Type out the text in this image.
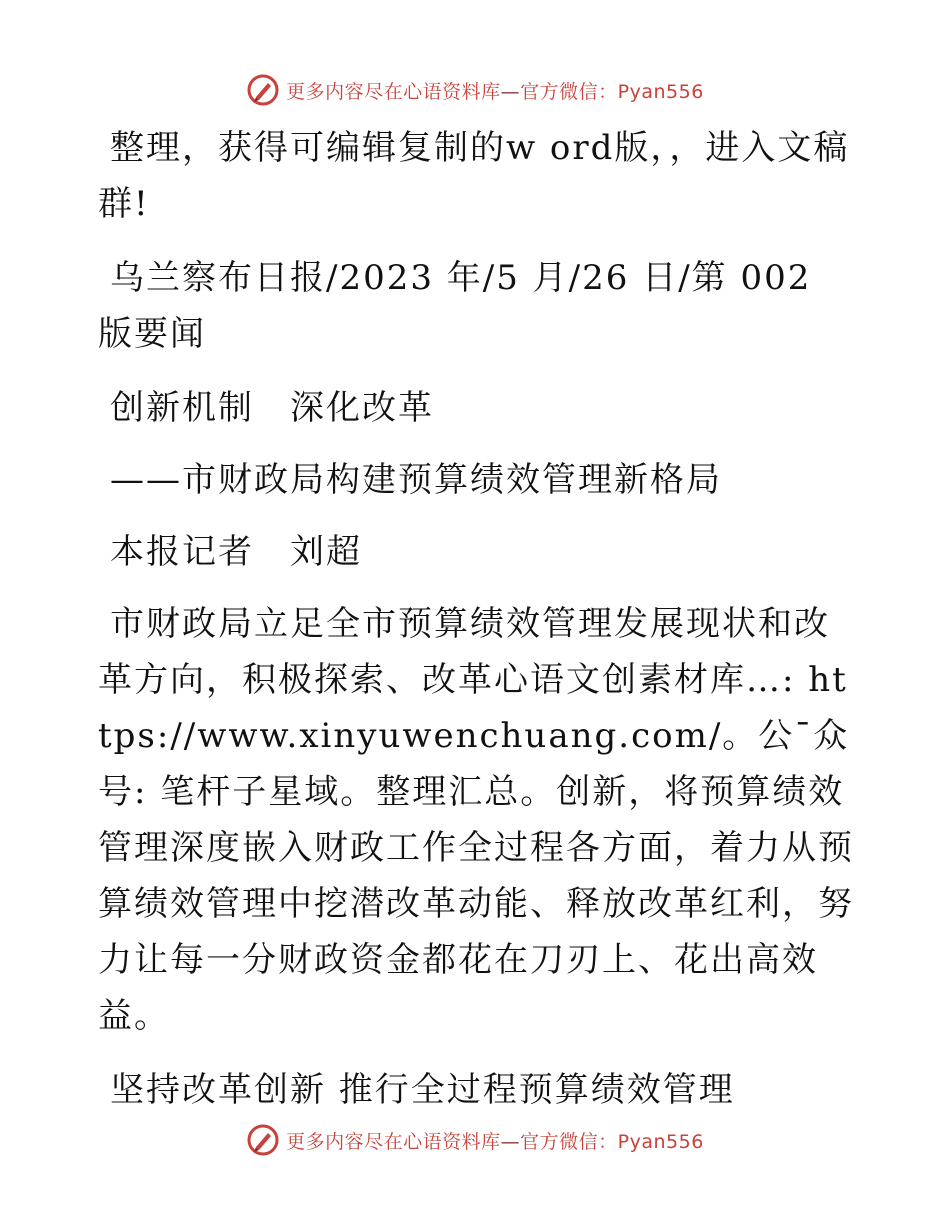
更多内容尽在心语资料库—官方微信：Pyan556

整理，获得可编辑复制的w ord版，，进入文稿群!

乌兰察布日报/2023 年/5 月/26 日/第 002 版要闻

创新机制　深化改革

——市财政局构建预算绩效管理新格局

本报记者　刘超

市财政局立足全市预算绩效管理发展现状和改革方向，积极探索、改革心语文创素材库…: https://www.xinyuwenchuang.com/。公¯众号: 笔杆子星域。整理汇总。创新，将预算绩效管理深度嵌入财政工作全过程各方面，着力从预算绩效管理中挖潜改革动能、释放改革红利，努力让每一分财政资金都花在刀刃上、花出高效益。

坚持改革创新 推行全过程预算绩效管理

更多内容尽在心语资料库—官方微信：Pyan556
